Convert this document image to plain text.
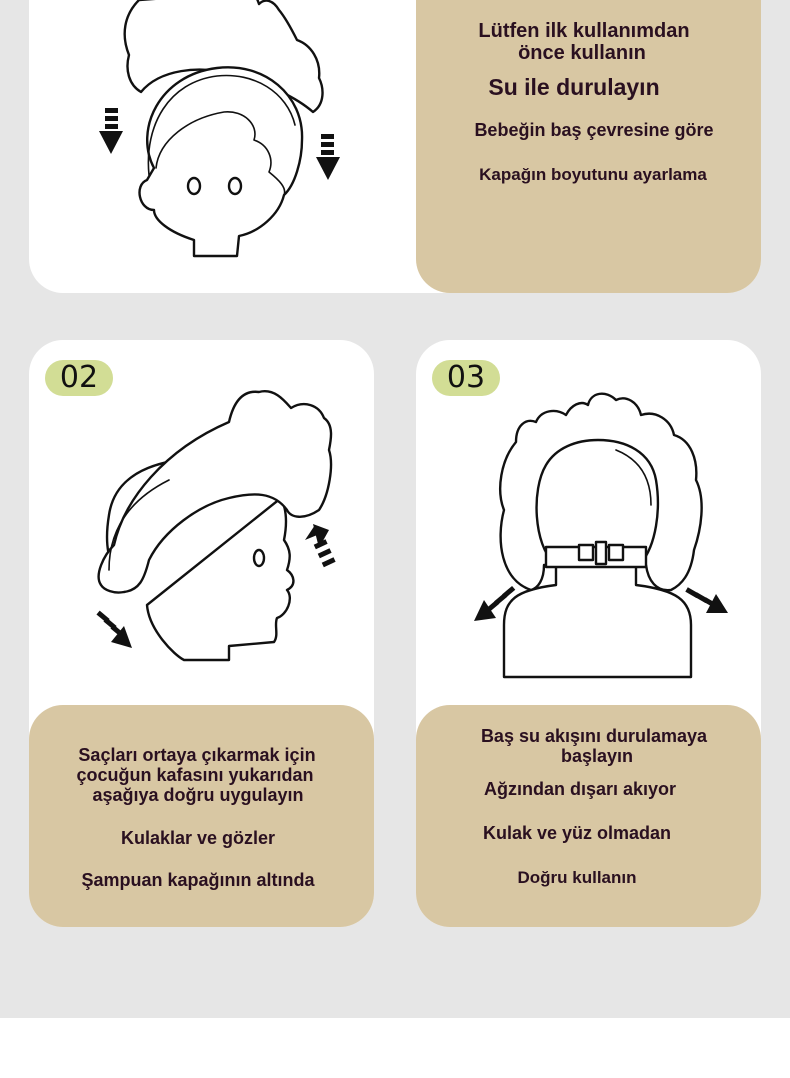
Lütfen ilk kullanımdan
önce kullanın
Su ile durulayın
Bebeğin baş çevresine göre
Kapağın boyutunu ayarlama
02
Saçları ortaya çıkarmak için
çocuğun kafasını yukarıdan
aşağıya doğru uygulayın
Kulaklar ve gözler
Şampuan kapağının altında
03
Baş su akışını durulamaya
başlayın
Ağzından dışarı akıyor
Kulak ve yüz olmadan
Doğru kullanın
